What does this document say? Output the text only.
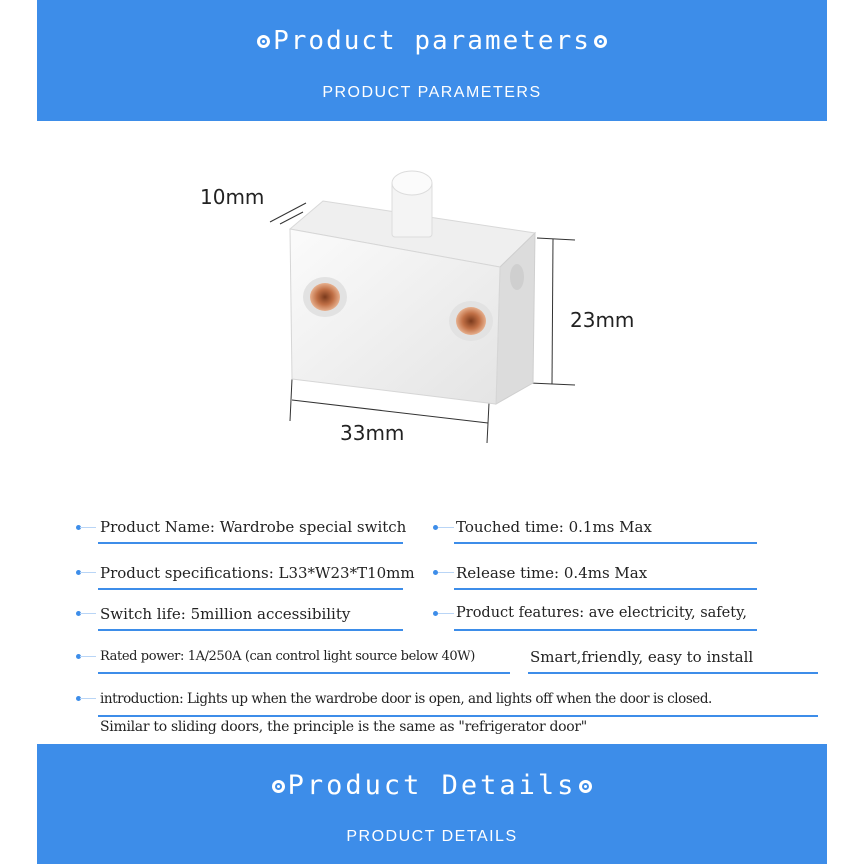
Product parameters
PRODUCT PARAMETERS
10mm
23mm
33mm
Product Name: Wardrobe special switch	Touched time: 0.1ms Max
Product specifications: L33*W23*T10mm	Release time: 0.4ms Max
Switch life: 5million accessibility	Product features: ave electricity, safety,
Rated power: 1A/250A (can control light source below 40W)	Smart,friendly, easy to install
introduction: Lights up when the wardrobe door is open, and lights off when the door is closed.
Similar to sliding doors, the principle is the same as "refrigerator door"
Product Details
PRODUCT DETAILS
